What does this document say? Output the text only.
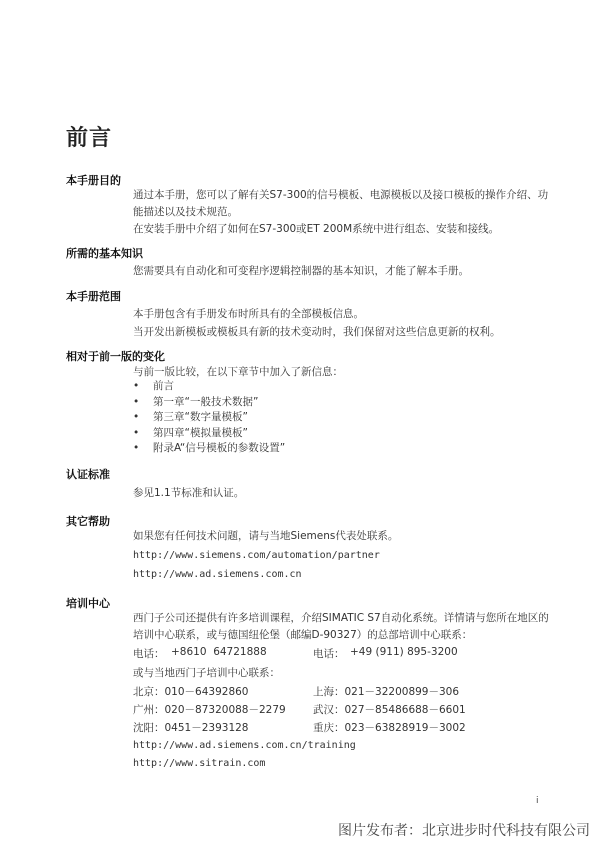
前言
本手册目的
通过本手册，您可以了解有关S7-300的信号模板、电源模板以及接口模板的操作介绍、功能描述以及技术规范。
在安装手册中介绍了如何在S7-300或ET 200M系统中进行组态、安装和接线。
所需的基本知识
您需要具有自动化和可变程序逻辑控制器的基本知识，才能了解本手册。
本手册范围
本手册包含有手册发布时所具有的全部模板信息。
当开发出新模板或模板具有新的技术变动时，我们保留对这些信息更新的权利。
相对于前一版的变化
与前一版比较，在以下章节中加入了新信息：
• 前言
• 第一章“一般技术数据”
• 第三章“数字量模板”
• 第四章“模拟量模板”
• 附录A“信号模板的参数设置”
认证标准
参见1.1节标准和认证。
其它帮助
如果您有任何技术问题，请与当地Siemens代表处联系。
http://www.siemens.com/automation/partner
http://www.ad.siemens.com.cn
培训中心
西门子公司还提供有许多培训课程，介绍SIMATIC S7自动化系统。详情请与您所在地区的培训中心联系，或与德国纽伦堡（邮编D-90327）的总部培训中心联系：
电话： +8610  64721888	电话： +49 (911) 895-3200
或与当地西门子培训中心联系：
北京：010－64392860	上海：021－32200899－306
广州：020－87320088－2279	武汉：027－85486688－6601
沈阳：0451－2393128	重庆：023－63828919－3002
http://www.ad.siemens.com.cn/training
http://www.sitrain.com
i
图片发布者：北京进步时代科技有限公司
